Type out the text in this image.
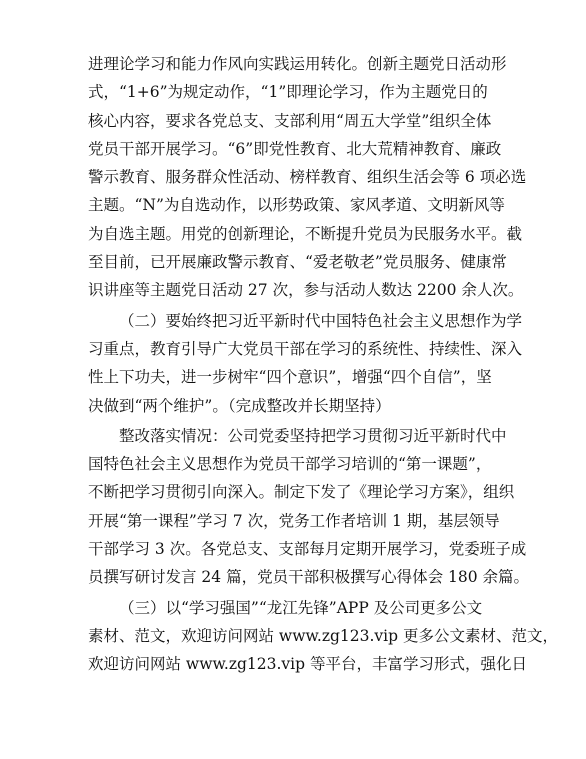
进理论学习和能力作风向实践运用转化。创新主题党日活动形
式，“1+6”为规定动作，“1”即理论学习，作为主题党日的
核心内容，要求各党总支、支部利用“周五大学堂”组织全体
党员干部开展学习。“6”即党性教育、北大荒精神教育、廉政
警示教育、服务群众性活动、榜样教育、组织生活会等 6 项必选
主题。“N”为自选动作，以形势政策、家风孝道、文明新风等
为自选主题。用党的创新理论，不断提升党员为民服务水平。截
至目前，已开展廉政警示教育、“爱老敬老”党员服务、健康常
识讲座等主题党日活动 27 次，参与活动人数达 2200 余人次。
（二）要始终把习近平新时代中国特色社会主义思想作为学
习重点，教育引导广大党员干部在学习的系统性、持续性、深入
性上下功夫，进一步树牢“四个意识”，增强“四个自信”，坚
决做到“两个维护”。（完成整改并长期坚持）
整改落实情况：公司党委坚持把学习贯彻习近平新时代中
国特色社会主义思想作为党员干部学习培训的“第一课题”，
不断把学习贯彻引向深入。制定下发了《理论学习方案》，组织
开展“第一课程”学习 7 次，党务工作者培训 1 期，基层领导
干部学习 3 次。各党总支、支部每月定期开展学习，党委班子成
员撰写研讨发言 24 篇，党员干部积极撰写心得体会 180 余篇。
（三）以“学习强国”“龙江先锋”APP 及公司更多公文
素材、范文，欢迎访问网站 www.zg123.vip 更多公文素材、范文，
欢迎访问网站 www.zg123.vip 等平台，丰富学习形式，强化日
